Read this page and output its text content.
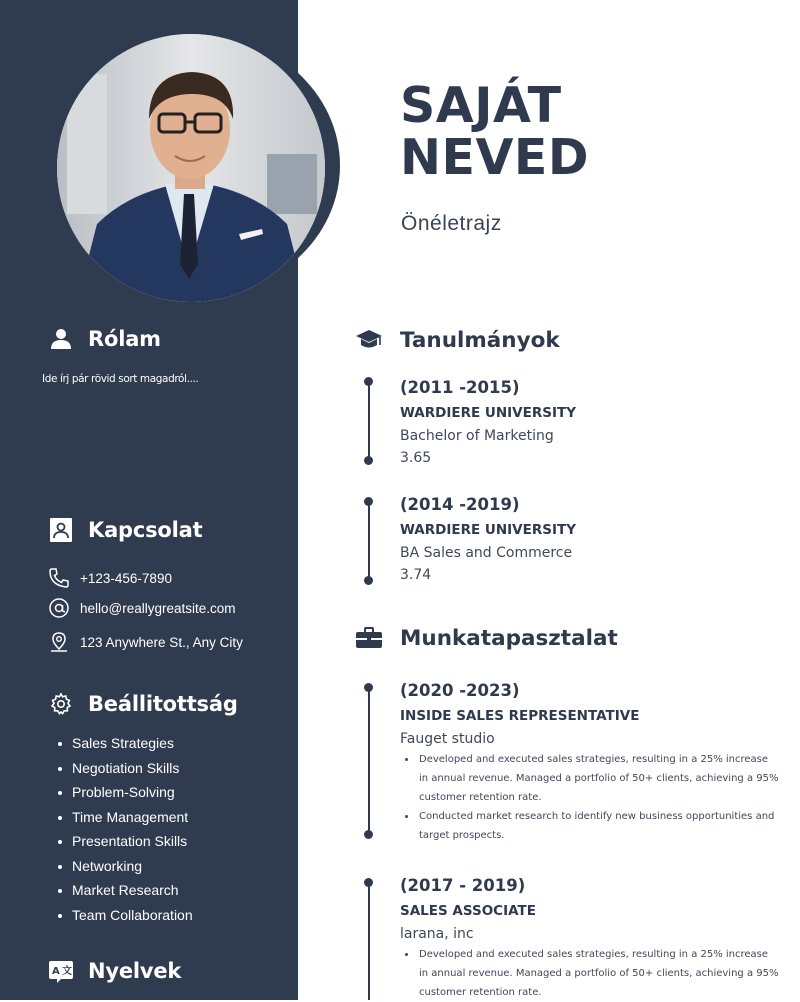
Rólam
Ide írj pár rövid sort magadról....
Kapcsolat
+123-456-7890
hello@reallygreatsite.com
123 Anywhere St., Any City
Beállitottság
Sales Strategies
Negotiation Skills
Problem-Solving
Time Management
Presentation Skills
Networking
Market Research
Team Collaboration
A 文 Nyelvek
SAJÁT
NEVED
Önéletrajz
Tanulmányok
(2011 -2015)
WARDIERE UNIVERSITY
Bachelor of Marketing
3.65
(2014 -2019)
WARDIERE UNIVERSITY
BA Sales and Commerce
3.74
Munkatapasztalat
(2020 -2023)
INSIDE SALES REPRESENTATIVE
Fauget studio
Developed and executed sales strategies, resulting in a 25% increase in annual revenue. Managed a portfolio of 50+ clients, achieving a 95% customer retention rate.
Conducted market research to identify new business opportunities and target prospects.
(2017 - 2019)
SALES ASSOCIATE
larana, inc
Developed and executed sales strategies, resulting in a 25% increase in annual revenue. Managed a portfolio of 50+ clients, achieving a 95% customer retention rate.
